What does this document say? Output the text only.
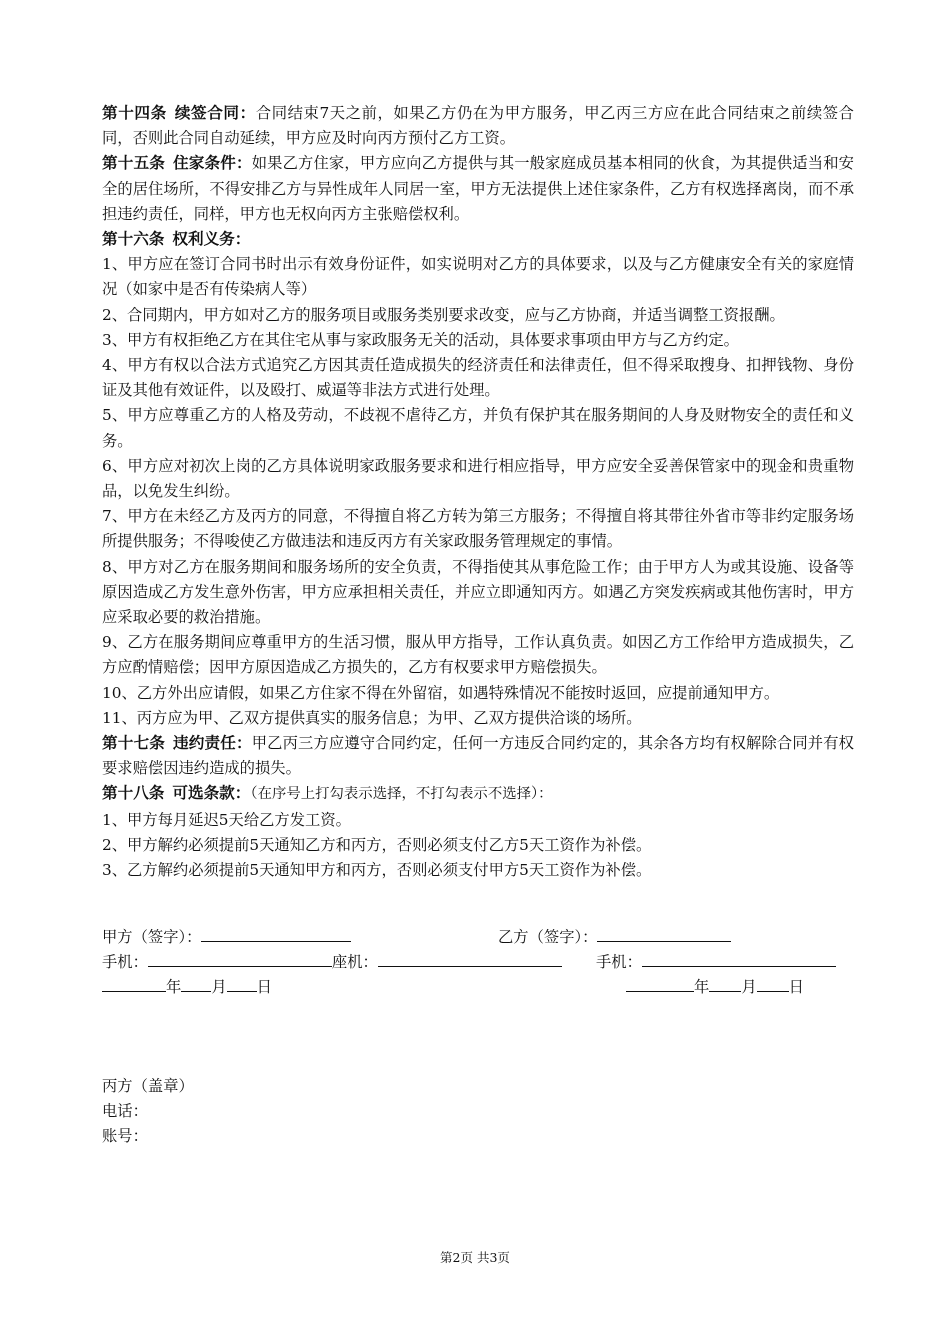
第十四条 续签合同：合同结束7天之前，如果乙方仍在为甲方服务，甲乙丙三方应在此合同结束之前续签合同，否则此合同自动延续，甲方应及时向丙方预付乙方工资。

第十五条 住家条件：如果乙方住家，甲方应向乙方提供与其一般家庭成员基本相同的伙食，为其提供适当和安全的居住场所，不得安排乙方与异性成年人同居一室，甲方无法提供上述住家条件，乙方有权选择离岗，而不承担违约责任，同样，甲方也无权向丙方主张赔偿权利。

第十六条 权利义务：

1、甲方应在签订合同书时出示有效身份证件，如实说明对乙方的具体要求，以及与乙方健康安全有关的家庭情况（如家中是否有传染病人等）

2、合同期内，甲方如对乙方的服务项目或服务类别要求改变，应与乙方协商，并适当调整工资报酬。

3、甲方有权拒绝乙方在其住宅从事与家政服务无关的活动，具体要求事项由甲方与乙方约定。

4、甲方有权以合法方式追究乙方因其责任造成损失的经济责任和法律责任，但不得采取搜身、扣押钱物、身份证及其他有效证件，以及殴打、威逼等非法方式进行处理。

5、甲方应尊重乙方的人格及劳动，不歧视不虐待乙方，并负有保护其在服务期间的人身及财物安全的责任和义务。

6、甲方应对初次上岗的乙方具体说明家政服务要求和进行相应指导，甲方应安全妥善保管家中的现金和贵重物品，以免发生纠纷。

7、甲方在未经乙方及丙方的同意，不得擅自将乙方转为第三方服务；不得擅自将其带往外省市等非约定服务场所提供服务；不得唆使乙方做违法和违反丙方有关家政服务管理规定的事情。

8、甲方对乙方在服务期间和服务场所的安全负责，不得指使其从事危险工作；由于甲方人为或其设施、设备等原因造成乙方发生意外伤害，甲方应承担相关责任，并应立即通知丙方。如遇乙方突发疾病或其他伤害时，甲方应采取必要的救治措施。

9、乙方在服务期间应尊重甲方的生活习惯，服从甲方指导，工作认真负责。如因乙方工作给甲方造成损失，乙方应酌情赔偿；因甲方原因造成乙方损失的，乙方有权要求甲方赔偿损失。

10、乙方外出应请假，如果乙方住家不得在外留宿，如遇特殊情况不能按时返回，应提前通知甲方。

11、丙方应为甲、乙双方提供真实的服务信息；为甲、乙双方提供洽谈的场所。

第十七条 违约责任：甲乙丙三方应遵守合同约定，任何一方违反合同约定的，其余各方均有权解除合同并有权要求赔偿因违约造成的损失。

第十八条 可选条款：（在序号上打勾表示选择，不打勾表示不选择）：

1、甲方每月延迟5天给乙方发工资。

2、甲方解约必须提前5天通知乙方和丙方，否则必须支付乙方5天工资作为补偿。

3、乙方解约必须提前5天通知甲方和丙方，否则必须支付甲方5天工资作为补偿。

甲方（签字）：	乙方（签字）：
手机：	座机：	手机：
年 月 日	年 月 日
丙方（盖章）
电话：
账号：
第2页 共3页
